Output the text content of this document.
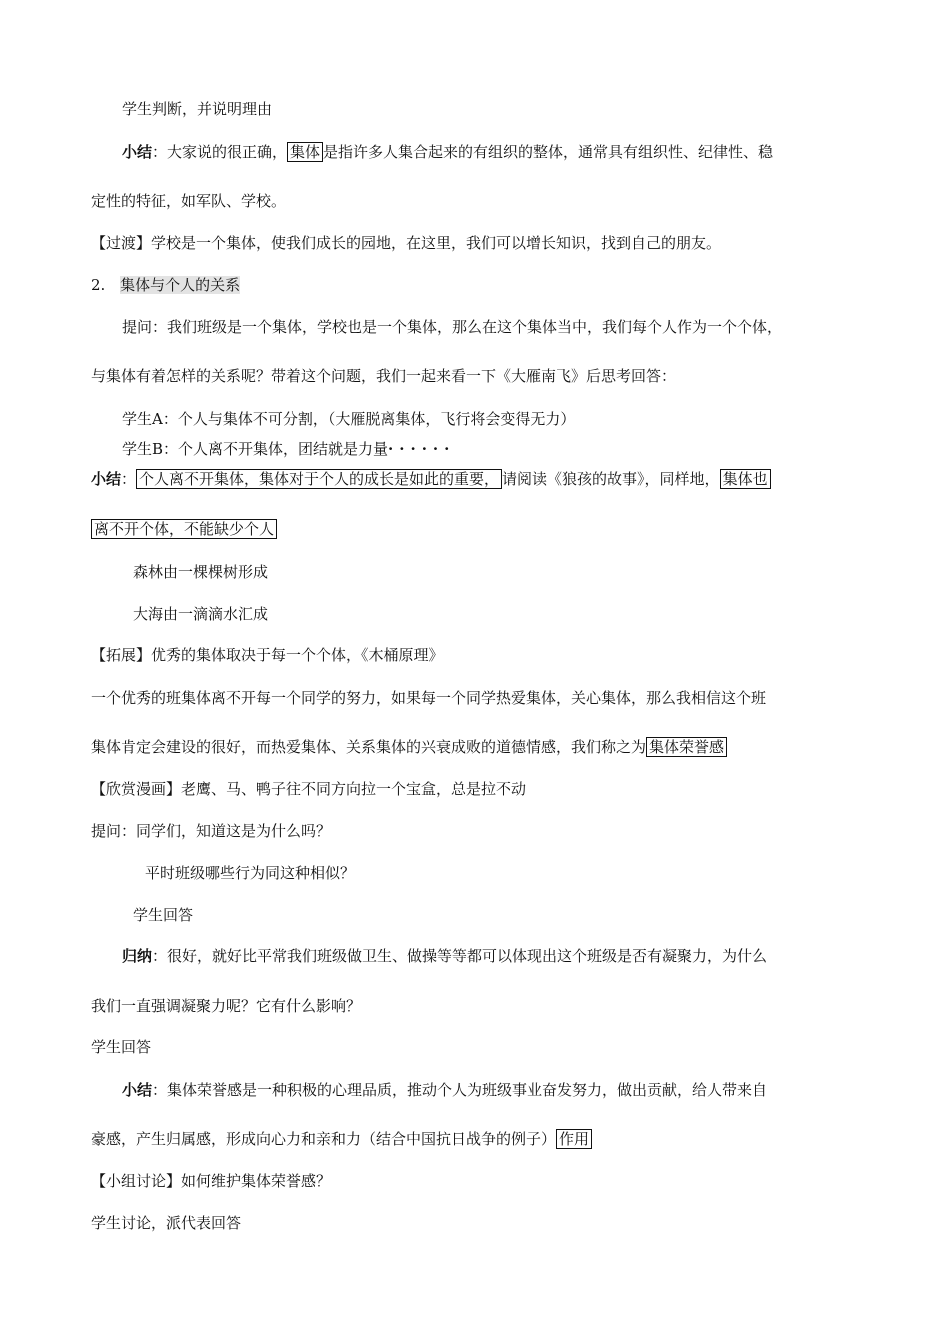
学生判断，并说明理由
小结：大家说的很正确， 集体 是指许多人集合起来的有组织的整体，通常具有组织性、纪律性、稳
定性的特征，如军队、学校。
【过渡】学校是一个集体，使我们成长的园地，在这里，我们可以增长知识，找到自己的朋友。
2. 集体与个人的关系
提问：我们班级是一个集体，学校也是一个集体，那么在这个集体当中，我们每个人作为一个个体，
与集体有着怎样的关系呢？带着这个问题，我们一起来看一下《大雁南飞》后思考回答：
学生A：个人与集体不可分割，（大雁脱离集体，飞行将会变得无力）
学生B：个人离不开集体，团结就是力量······
小结： 个人离不开集体，集体对于个人的成长是如此的重要， 请阅读《狼孩的故事》，同样地， 集体也
离不开个体，不能缺少个人
森林由一棵棵树形成
大海由一滴滴水汇成
【拓展】优秀的集体取决于每一个个体，《木桶原理》
一个优秀的班集体离不开每一个同学的努力，如果每一个同学热爱集体，关心集体，那么我相信这个班
集体肯定会建设的很好，而热爱集体、关系集体的兴衰成败的道德情感，我们称之为 集体荣誉感
【欣赏漫画】老鹰、马、鸭子往不同方向拉一个宝盒，总是拉不动
提问：同学们，知道这是为什么吗？
平时班级哪些行为同这种相似？
学生回答
归纳：很好，就好比平常我们班级做卫生、做操等等都可以体现出这个班级是否有凝聚力，为什么
我们一直强调凝聚力呢？它有什么影响？
学生回答
小结：集体荣誉感是一种积极的心理品质，推动个人为班级事业奋发努力，做出贡献，给人带来自
豪感，产生归属感，形成向心力和亲和力（结合中国抗日战争的例子） 作用
【小组讨论】如何维护集体荣誉感？
学生讨论，派代表回答
